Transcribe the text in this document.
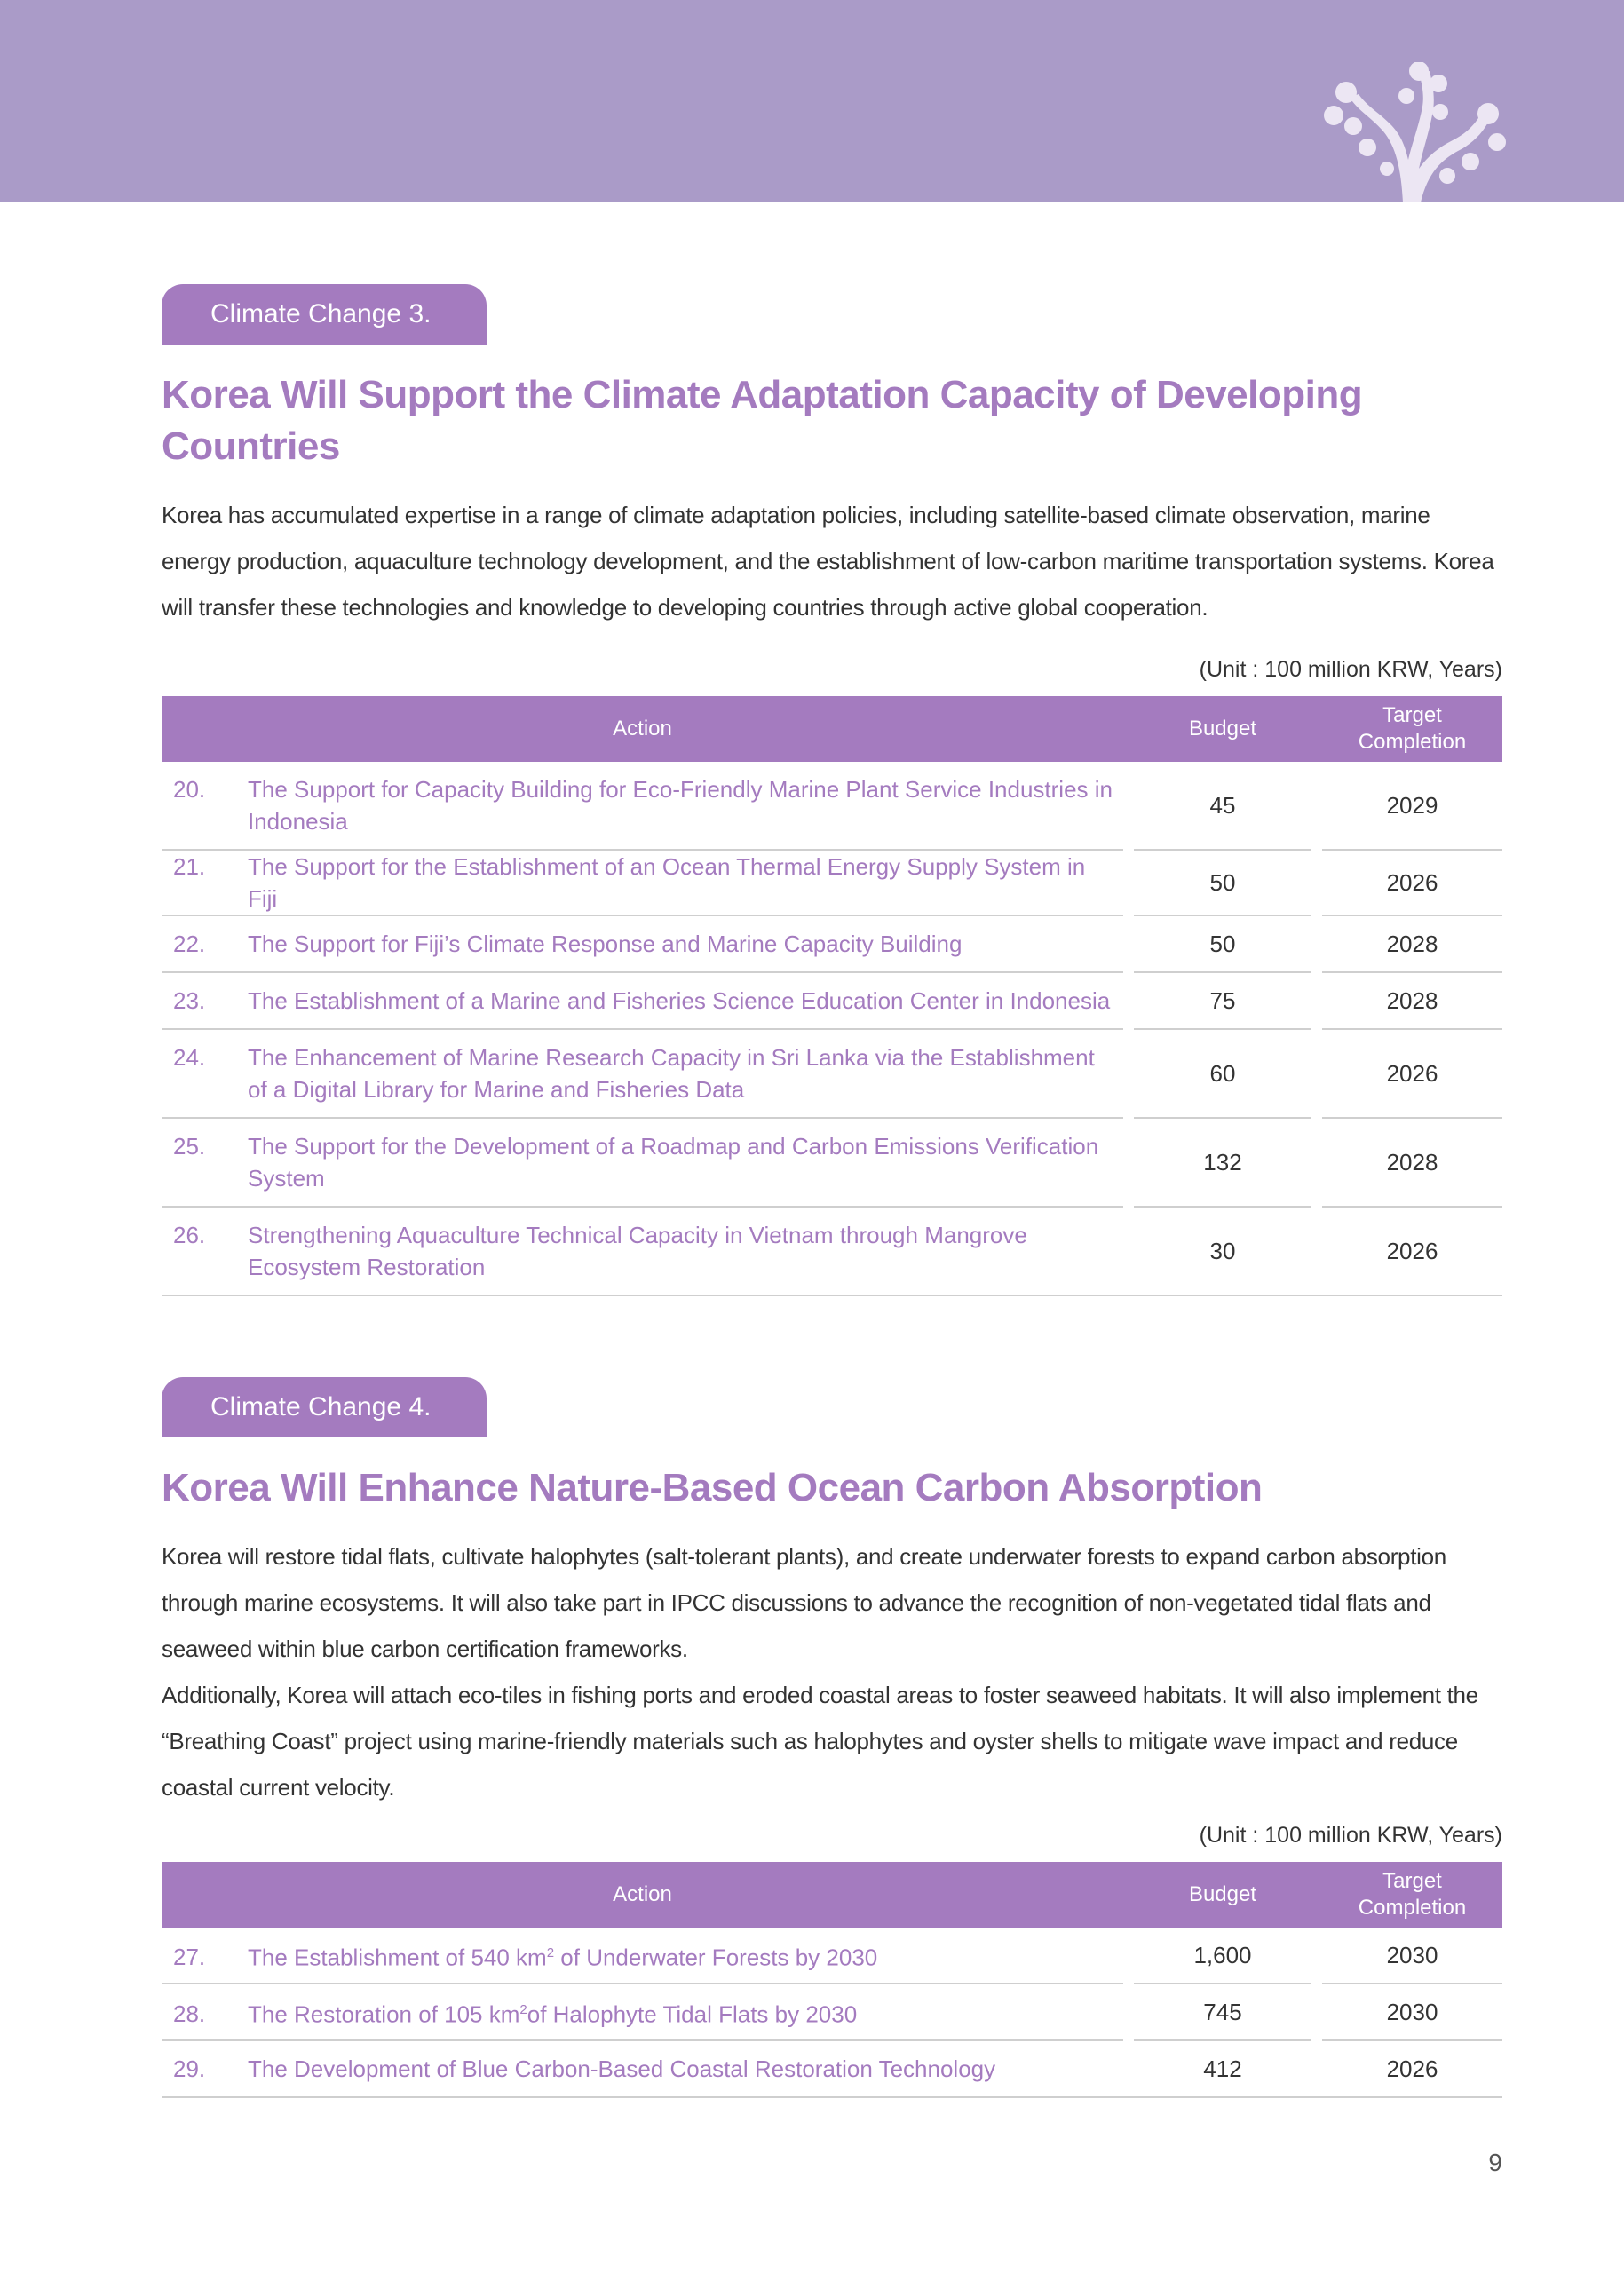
Climate Change 3.
Korea Will Support the Climate Adaptation Capacity of Developing Countries

Korea has accumulated expertise in a range of climate adaptation policies, including satellite-based climate observation, marine energy production, aquaculture technology development, and the establishment of low-carbon maritime transportation systems. Korea will transfer these technologies and knowledge to developing countries through active global cooperation.

(Unit : 100 million KRW, Years)

Action		Budget		Target
Completion

20. The Support for Capacity Building for Eco-Friendly Marine Plant Service Industries in Indonesia		45		2029

21. The Support for the Establishment of an Ocean Thermal Energy Supply System in Fiji		50		2026

22. The Support for Fiji’s Climate Response and Marine Capacity Building		50		2028

23. The Establishment of a Marine and Fisheries Science Education Center in Indonesia		75		2028

24. The Enhancement of Marine Research Capacity in Sri Lanka via the Establishment of a Digital Library for Marine and Fisheries Data		60		2026

25. The Support for the Development of a Roadmap and Carbon Emissions Verification System		132		2028

26. Strengthening Aquaculture Technical Capacity in Vietnam through Mangrove Ecosystem Restoration		30		2026
Climate Change 4.
Korea Will Enhance Nature-Based Ocean Carbon Absorption

Korea will restore tidal flats, cultivate halophytes (salt-tolerant plants), and create underwater forests to expand carbon absorption through marine ecosystems. It will also take part in IPCC discussions to advance the recognition of non-vegetated tidal flats and seaweed within blue carbon certification frameworks.

Additionally, Korea will attach eco-tiles in fishing ports and eroded coastal areas to foster seaweed habitats. It will also implement the “Breathing Coast” project using marine-friendly materials such as halophytes and oyster shells to mitigate wave impact and reduce coastal current velocity.

(Unit : 100 million KRW, Years)

Action		Budget		Target
Completion

27. The Establishment of 540 $km^2$ of Underwater Forests by 2030		1,600		2030

28. The Restoration of 105 $km^2of$ Halophyte Tidal Flats by 2030		745		2030

29. The Development of Blue Carbon-Based Coastal Restoration Technology		412		2026
9
